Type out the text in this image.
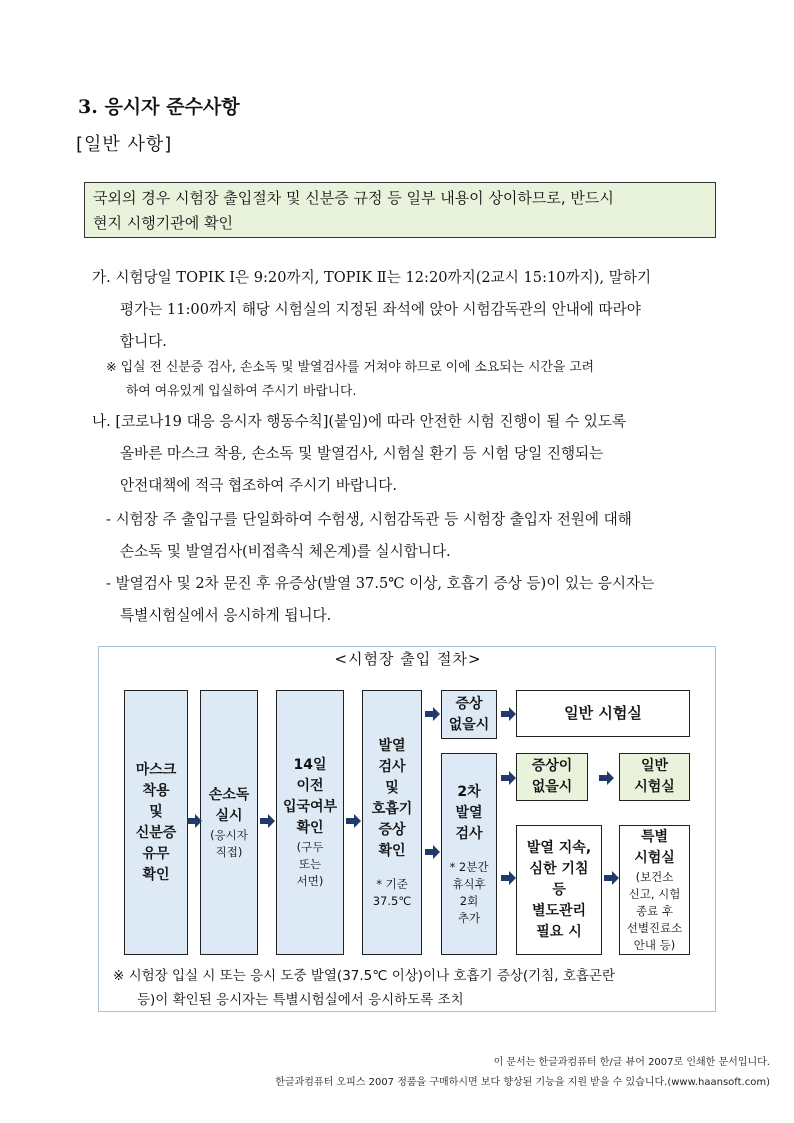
3. 응시자 준수사항
[일반 사항]
국외의 경우 시험장 출입절차 및 신분증 규정 등 일부 내용이 상이하므로, 반드시
현지 시행기관에 확인
가. 시험당일 TOPIK Ⅰ은 9:20까지, TOPIK Ⅱ는 12:20까지(2교시 15:10까지), 말하기
평가는 11:00까지 해당 시험실의 지정된 좌석에 앉아 시험감독관의 안내에 따라야
합니다.
※ 입실 전 신분증 검사, 손소독 및 발열검사를 거쳐야 하므로 이에 소요되는 시간을 고려
하여 여유있게 입실하여 주시기 바랍니다.
나. [코로나19 대응 응시자 행동수칙](붙임)에 따라 안전한 시험 진행이 될 수 있도록
올바른 마스크 착용, 손소독 및 발열검사, 시험실 환기 등 시험 당일 진행되는
안전대책에 적극 협조하여 주시기 바랍니다.
- 시험장 주 출입구를 단일화하여 수험생, 시험감독관 등 시험장 출입자 전원에 대해
손소독 및 발열검사(비접촉식 체온계)를 실시합니다.
- 발열검사 및 2차 문진 후 유증상(발열 37.5℃ 이상, 호흡기 증상 등)이 있는 응시자는
특별시험실에서 응시하게 됩니다.
<시험장 출입 절차>
마스크
착용
및
신분증
유무
확인
손소독
실시
(응시자
직접)
14일
이전
입국여부
확인
(구두
또는
서면)
발열
검사
및
호흡기
증상
확인
* 기준
37.5℃
증상
없을시
2차
발열
검사
* 2분간
휴식후
2회
추가
일반 시험실
증상이
없을시
일반
시험실
발열 지속,
심한 기침
등
별도관리
필요 시
특별
시험실
(보건소
신고, 시험
종료 후
선별진료소
안내 등)
※ 시험장 입실 시 또는 응시 도중 발열(37.5℃ 이상)이나 호흡기 증상(기침, 호흡곤란
등)이 확인된 응시자는 특별시험실에서 응시하도록 조치
이 문서는 한글과컴퓨터 한/글 뷰어 2007로 인쇄한 문서입니다.
한글과컴퓨터 오피스 2007 정품을 구매하시면 보다 향상된 기능을 지원 받을 수 있습니다.(www.haansoft.com)
